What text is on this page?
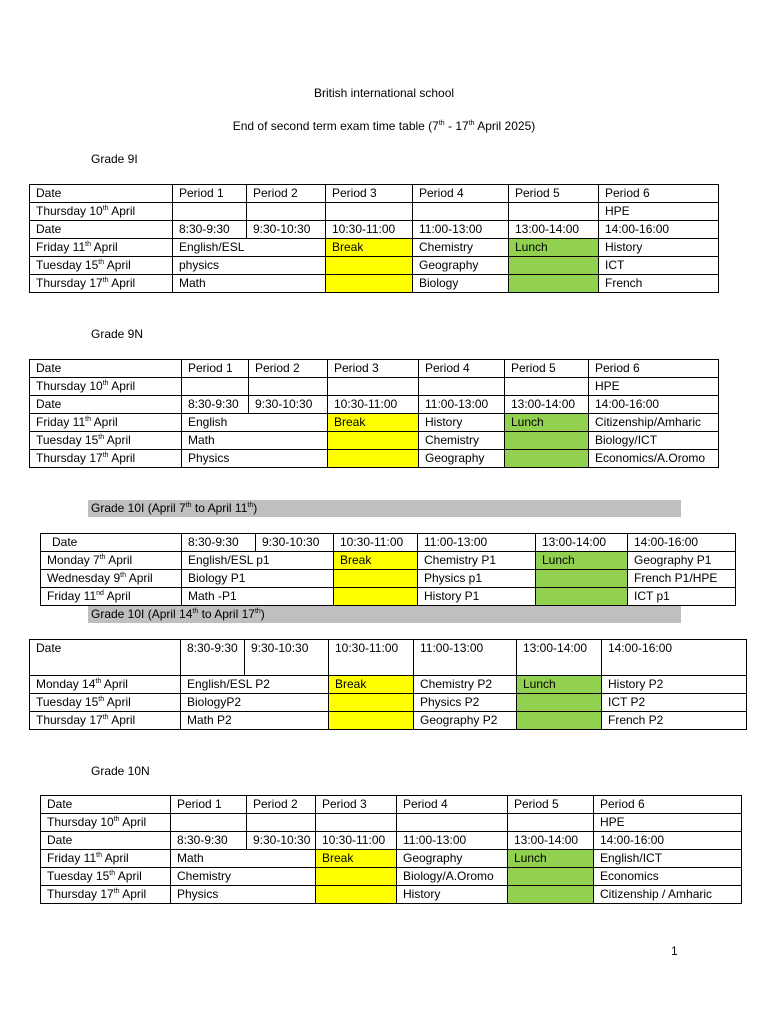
British international school
End of second term exam time table (7th - 17th April 2025)
Grade 9I
Date	Period 1	Period 2	Period 3	Period 4	Period 5	Period 6
Thursday 10th April						HPE
Date	8:30-9:30	9:30-10:30	10:30-11:00	11:00-13:00	13:00-14:00	14:00-16:00
Friday 11th April	English/ESL		Break	Chemistry	Lunch	History
Tuesday 15th April	physics			Geography		ICT
Thursday 17th April	Math			Biology		French
Grade 9N
Date	Period 1	Period 2	Period 3	Period 4	Period 5	Period 6
Thursday 10th April						HPE
Date	8:30-9:30	9:30-10:30	10:30-11:00	11:00-13:00	13:00-14:00	14:00-16:00
Friday 11th April	English		Break	History	Lunch	Citizenship/Amharic
Tuesday 15th April	Math			Chemistry		Biology/ICT
Thursday 17th April	Physics			Geography		Economics/A.Oromo
Grade 10I (April 7th to April 11th)
Date	8:30-9:30	9:30-10:30	10:30-11:00	11:00-13:00	13:00-14:00	14:00-16:00
Monday 7th April	English/ESL p1		Break	Chemistry P1	Lunch	Geography P1
Wednesday 9th April	Biology P1			Physics p1		French P1/HPE
Friday 11nd April	Math -P1			History P1		ICT p1
Grade 10I (April 14th to April 17th)
Date	8:30-9:30	9:30-10:30	10:30-11:00	11:00-13:00	13:00-14:00	14:00-16:00
Monday 14th April	English/ESL P2		Break	Chemistry P2	Lunch	History P2
Tuesday 15th April	BiologyP2			Physics P2		ICT P2
Thursday 17th April	Math P2			Geography P2		French P2
Grade 10N
Date	Period 1	Period 2	Period 3	Period 4	Period 5	Period 6
Thursday 10th April						HPE
Date	8:30-9:30	9:30-10:30	10:30-11:00	11:00-13:00	13:00-14:00	14:00-16:00
Friday 11th April	Math		Break	Geography	Lunch	English/ICT
Tuesday 15th April	Chemistry			Biology/A.Oromo		Economics
Thursday 17th April	Physics			History		Citizenship / Amharic
1
